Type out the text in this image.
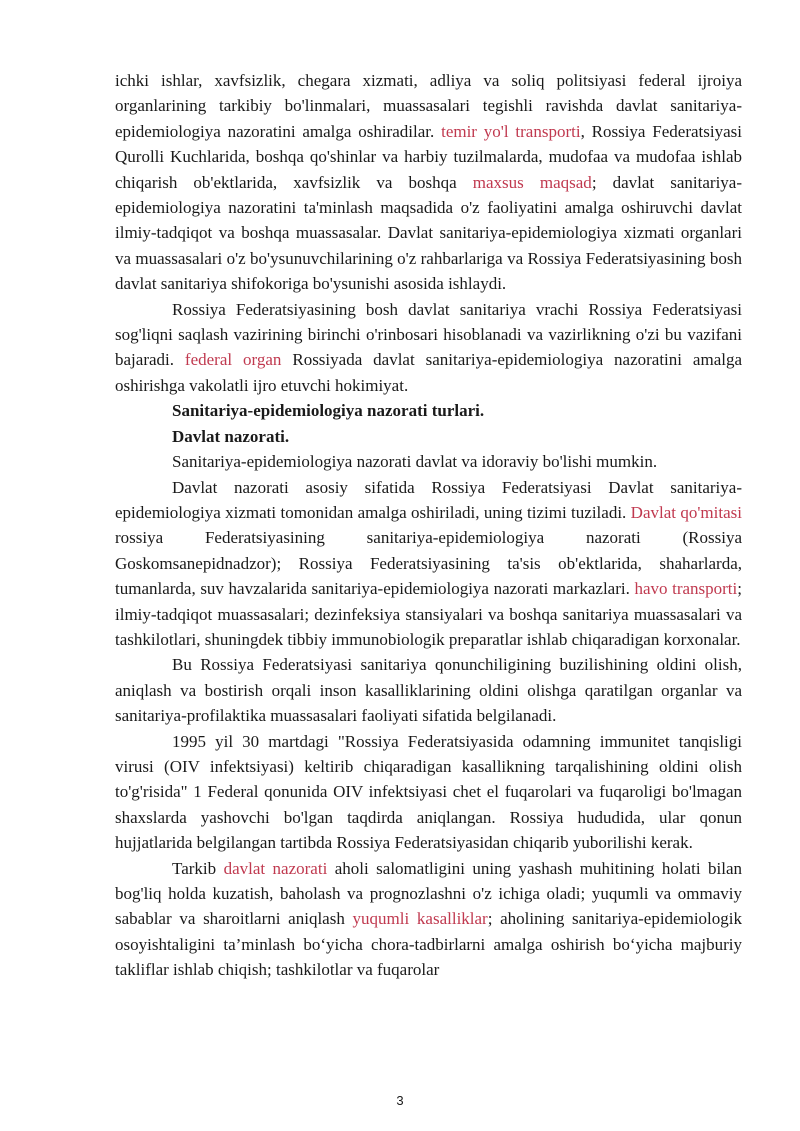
ichki ishlar, xavfsizlik, chegara xizmati, adliya va soliq politsiyasi federal ijroiya organlarining tarkibiy bo'linmalari, muassasalari tegishli ravishda davlat sanitariya-epidemiologiya nazoratini amalga oshiradilar. temir yo'l transporti, Rossiya Federatsiyasi Qurolli Kuchlarida, boshqa qo'shinlar va harbiy tuzilmalarda, mudofaa va mudofaa ishlab chiqarish ob'ektlarida, xavfsizlik va boshqa maxsus maqsad; davlat sanitariya-epidemiologiya nazoratini ta'minlash maqsadida o'z faoliyatini amalga oshiruvchi davlat ilmiy-tadqiqot va boshqa muassasalar. Davlat sanitariya-epidemiologiya xizmati organlari va muassasalari o'z bo'ysunuvchilarining o'z rahbarlariga va Rossiya Federatsiyasining bosh davlat sanitariya shifokoriga bo'ysunishi asosida ishlaydi.

Rossiya Federatsiyasining bosh davlat sanitariya vrachi Rossiya Federatsiyasi sog'liqni saqlash vazirining birinchi o'rinbosari hisoblanadi va vazirlikning o'zi bu vazifani bajaradi. federal organ Rossiyada davlat sanitariya-epidemiologiya nazoratini amalga oshirishga vakolatli ijro etuvchi hokimiyat.

Sanitariya-epidemiologiya nazorati turlari.

Davlat nazorati.

Sanitariya-epidemiologiya nazorati davlat va idoraviy bo'lishi mumkin.

Davlat nazorati asosiy sifatida Rossiya Federatsiyasi Davlat sanitariya-epidemiologiya xizmati tomonidan amalga oshiriladi, uning tizimi tuziladi. Davlat qo'mitasi rossiya Federatsiyasining sanitariya-epidemiologiya nazorati (Rossiya Goskomsanepidnadzor); Rossiya Federatsiyasining ta'sis ob'ektlarida, shaharlarda, tumanlarda, suv havzalarida sanitariya-epidemiologiya nazorati markazlari. havo transporti; ilmiy-tadqiqot muassasalari; dezinfeksiya stansiyalari va boshqa sanitariya muassasalari va tashkilotlari, shuningdek tibbiy immunobiologik preparatlar ishlab chiqaradigan korxonalar.

Bu Rossiya Federatsiyasi sanitariya qonunchiligining buzilishining oldini olish, aniqlash va bostirish orqali inson kasalliklarining oldini olishga qaratilgan organlar va sanitariya-profilaktika muassasalari faoliyati sifatida belgilanadi.

1995 yil 30 martdagi "Rossiya Federatsiyasida odamning immunitet tanqisligi virusi (OIV infektsiyasi) keltirib chiqaradigan kasallikning tarqalishining oldini olish to'g'risida" 1 Federal qonunida OIV infektsiyasi chet el fuqarolari va fuqaroligi bo'lmagan shaxslarda yashovchi bo'lgan taqdirda aniqlangan. Rossiya hududida, ular qonun hujjatlarida belgilangan tartibda Rossiya Federatsiyasidan chiqarib yuborilishi kerak.

Tarkib davlat nazorati aholi salomatligini uning yashash muhitining holati bilan bog'liq holda kuzatish, baholash va prognozlashni o'z ichiga oladi; yuqumli va ommaviy sabablar va sharoitlarni aniqlash yuqumli kasalliklar; aholining sanitariya-epidemiologik osoyishtaligini ta’minlash bo‘yicha chora-tadbirlarni amalga oshirish bo‘yicha majburiy takliflar ishlab chiqish; tashkilotlar va fuqarolar

3
